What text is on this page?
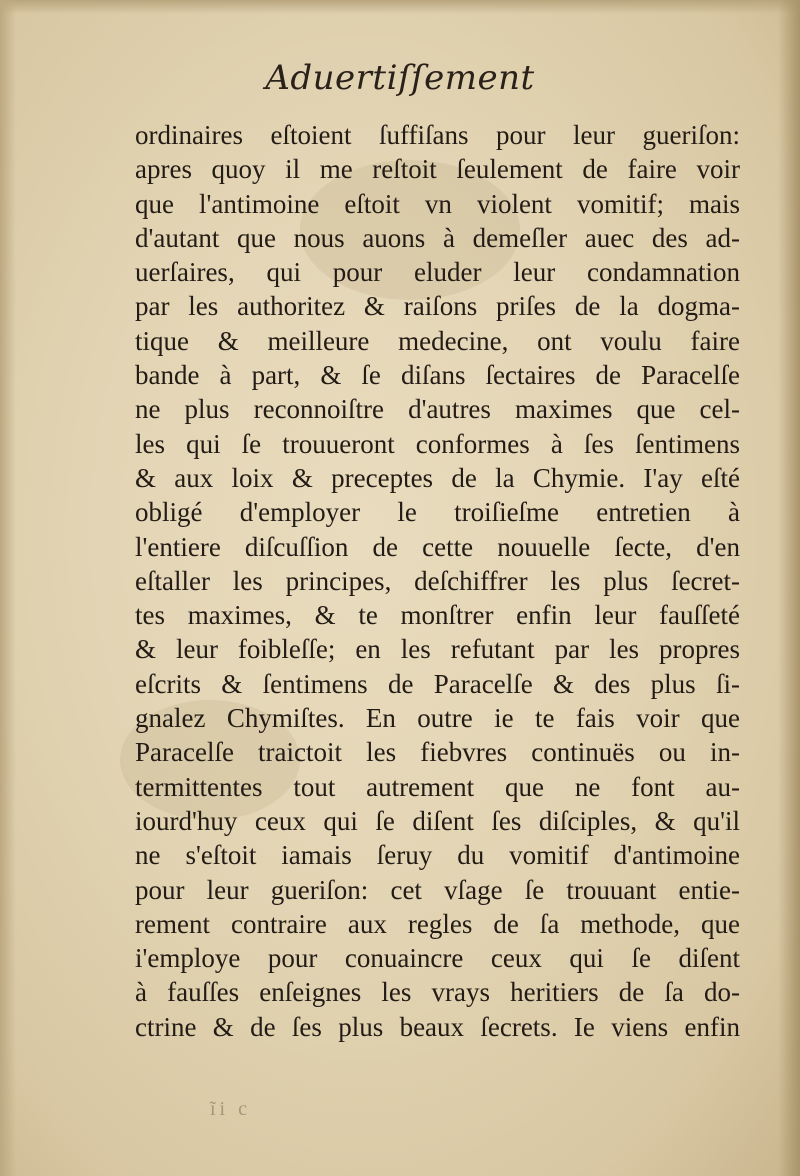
Aduertiſſement
ordinaires eſtoient ſuffiſans pour leur gueriſon:
apres quoy il me reſtoit ſeulement de faire voir
que l'antimoine eſtoit vn violent vomitif; mais
d'autant que nous auons à demeſler auec des ad-
uerſaires, qui pour eluder leur condamnation
par les authoritez & raiſons priſes de la dogma-
tique & meilleure medecine, ont voulu faire
bande à part, & ſe diſans ſectaires de Paracelſe
ne plus reconnoiſtre d'autres maximes que cel-
les qui ſe trouueront conformes à ſes ſentimens
& aux loix & preceptes de la Chymie. I'ay eſté
obligé d'employer le troiſieſme entretien à
l'entiere diſcuſſion de cette nouuelle ſecte, d'en
eſtaller les principes, deſchiffrer les plus ſecret-
tes maximes, & te monſtrer enfin leur fauſſeté
& leur foibleſſe; en les refutant par les propres
eſcrits & ſentimens de Paracelſe & des plus ſi-
gnalez Chymiſtes. En outre ie te fais voir que
Paracelſe traictoit les fiebvres continuës ou in-
termittentes tout autrement que ne font au-
iourd'huy ceux qui ſe diſent ſes diſciples, & qu'il
ne s'eſtoit iamais ſeruy du vomitif d'antimoine
pour leur gueriſon: cet vſage ſe trouuant entie-
rement contraire aux regles de ſa methode, que
i'employe pour conuaincre ceux qui ſe diſent
à fauſſes enſeignes les vrays heritiers de ſa do-
ctrine & de ſes plus beaux ſecrets. Ie viens enfin
ĩi c
